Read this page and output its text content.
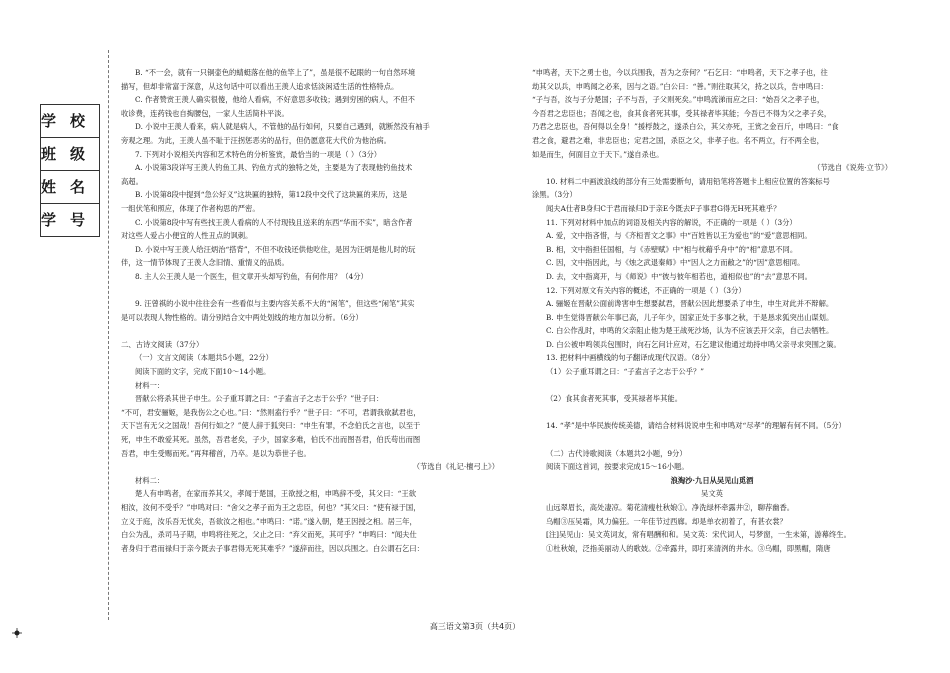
学校
班级
姓名
学号

B. “不一会，就有一只铜壶色的蜻蜓落在他的鱼竿上了”，虽是很不起眼的一句自然环境

描写，但却非常富于深意，从这句话中可以看出王羡人追求恬淡闲适生活的性格特点。

C. 作者赞赏王羡人确实很傻，他给人看病，不好意思多收钱；遇到穷困的病人，不但不

收诊费，连药钱也自掏腰包，一家人生活简朴平淡。

D. 小说中王羡人看来，病人就是病人，不管他的品行如何，只要自己遇到，就断然没有袖手

旁观之理。为此，王羡人虽不耻于汪拐惩恶劣的品行，但仍愿意花大代价为他治病。

7. 下列对小说相关内容和艺术特色的分析鉴赏，最恰当的一项是（ ）（3分）

A. 小说第3段详写王羡人钓鱼工具、钓鱼方式的独特之处，主要是为了表现他钓鱼技术

高超。

B. 小说第8段中提到“急公好义”这块匾的独特，第12段中交代了这块匾的来历，这是

一组伏笔和照应，体现了作者构思的严密。

C. 小说第8段中写有些找王羡人看病的人不付现钱且送来的东西“华而不实”，暗含作者

对这些人爱占小便宜的人性丑点的讽刺。

D. 小说中写王羡人给汪炳治“搭背”，不但不收钱还供他吃住，是因为汪炳是他儿时的玩

伴，这一情节体现了王羡人念旧情、重情义的品质。

8. 主人公王羡人是一个医生，但文章开头却写钓鱼，有何作用？（4分）

9. 汪曾祺的小说中往往会有一些看似与主要内容关系不大的“闲笔”，但这些“闲笔”其实

是可以表现人物性格的。请分别结合文中两处划线的地方加以分析。（6分）

二、古诗文阅读（37分）

（一）文言文阅读（本题共5小题，22分）

阅读下面的文字，完成下面10～14小题。

材料一：

晋献公将杀其世子申生。公子重耳谓之曰：“子盍言子之志于公乎？”世子曰：

“不可，君安骊姬，是我伤公之心也。”曰：“然则盍行乎？”世子曰：“不可，君谓我欲弑君也，

天下岂有无父之国哉！吾何行如之？”使人辞于狐突曰：“申生有罪，不念伯氏之言也，以至于

死，申生不敢爱其死。虽然，吾君老矣，子少，国家多难，伯氏不出而图吾君，伯氏苟出而图

吾君，申生受赐而死。”再拜稽首，乃卒。是以为恭世子也。

（节选自《礼记·檀弓上》）

材料二：

楚人有申鸣者，在家而养其父，孝闻于楚国，王欲授之相，申鸣辞不受，其父曰：“王欲

相汝，汝何不受乎？”申鸣对曰：“舍父之孝子而为王之忠臣，何也？”其父曰：“使有禄于国，

立义于庭，汝乐吾无忧矣，吾欲汝之相也。”申鸣曰：“诺。”遂入朝，楚王因授之相。居三年，

白公为乱，杀司马子期，申鸣将往死之，父止之曰：“弃父而死，其可乎？”申鸣曰：“闻夫仕

者身归于君而禄归于亲今既去子事君得无死其难乎？”遂辞而往，因以兵围之。白公谓石乞曰：

“申鸣者，天下之勇士也，今以兵围我，吾为之奈何？”石乞曰：“申鸣者，天下之孝子也，往

劫其父以兵，申鸣闻之必来，因与之语。”白公曰：“善。”则往取其父，持之以兵，告申鸣曰：

“子与吾，汝与子分楚国；子不与吾，子父则死矣。”申鸣流涕而应之曰：“始吾父之孝子也，

今吾君之忠臣也；吾闻之也，食其食者死其事，受其禄者毕其能；今吾已不得为父之孝子矣，

乃君之忠臣也，吾何得以全身！”援桴鼓之，遂杀白公，其父亦死，王赏之金百斤，申鸣曰：“食

君之食，避君之难，非忠臣也；定君之国，杀臣之父，非孝子也。名不两立，行不两全也，

如是而生，何面目立于天下。”遂自杀也。

（节选自《说苑·立节》）

10. 材料二中画波浪线的部分有三处需要断句，请用铅笔将答题卡上相应位置的答案标号

涂黑。（3分）

闻夫A仕者B身归C于君而禄归D于亲E今既去F子事君G得无H死其难乎？

11. 下列对材料中加点的词语及相关内容的解说，不正确的一项是（ ）（3分）

A. 爱，文中指吝惜，与《齐桓晋文之事》中“百姓皆以王为爱也”的“爱”意思相同。

B. 相，文中指担任国相，与《赤壁赋》中“相与枕藉乎舟中”的“相”意思不同。

C. 因，文中指因此，与《烛之武退秦师》中“因人之力而敝之”的“因”意思相同。

D. 去，文中指离开，与《师说》中“彼与彼年相若也，道相似也”的“去”意思不同。

12. 下列对原文有关内容的概述，不正确的一项是（ ）（3分）

A. 骊姬在晋献公面前谗害申生想要弑君，晋献公因此想要杀了申生，申生对此并不辩解。

B. 申生觉得晋献公年事已高，儿子年少，国家正处于多事之秋，于是恳求狐突出山谋划。

C. 白公作乱时，申鸣的父亲阻止他为楚王战死沙场，认为不应该丢开父亲，自己去牺牲。

D. 白公被申鸣领兵包围时，向石乞问计应对，石乞建议他通过劫持申鸣父亲寻求突围之策。

13. 把材料中画横线的句子翻译成现代汉语。（8分）

（1）公子重耳谓之曰：“子盍言子之志于公乎？”

（2）食其食者死其事，受其禄者毕其能。

14. “孝”是中华民族传统美德，请结合材料说说申生和申鸣对“尽孝”的理解有何不同。（5分）

（二）古代诗歌阅读（本题共2小题，9分）

阅读下面这首词，按要求完成15～16小题。

浪淘沙·九日从吴见山觅酒

吴文英

山远翠眉长，高处凄凉。菊花清瘦杜秋娘①。净洗绿杯牵露井②，聊荐幽香。

乌帽③压吴霜，风力偏狂。一年佳节过西廊。却是单衣初着了，有甚衣裳？

[注]吴见山：吴文英词友，常有唱酬和和。吴文英：宋代词人，号梦窗，一生未第，游幕终生。

①杜秋娘，泛指美丽动人的歌妓。②牵露井，即打来清洌的井水。③乌帽，即黑帽，隋唐

高三语文第3页（共4页）
